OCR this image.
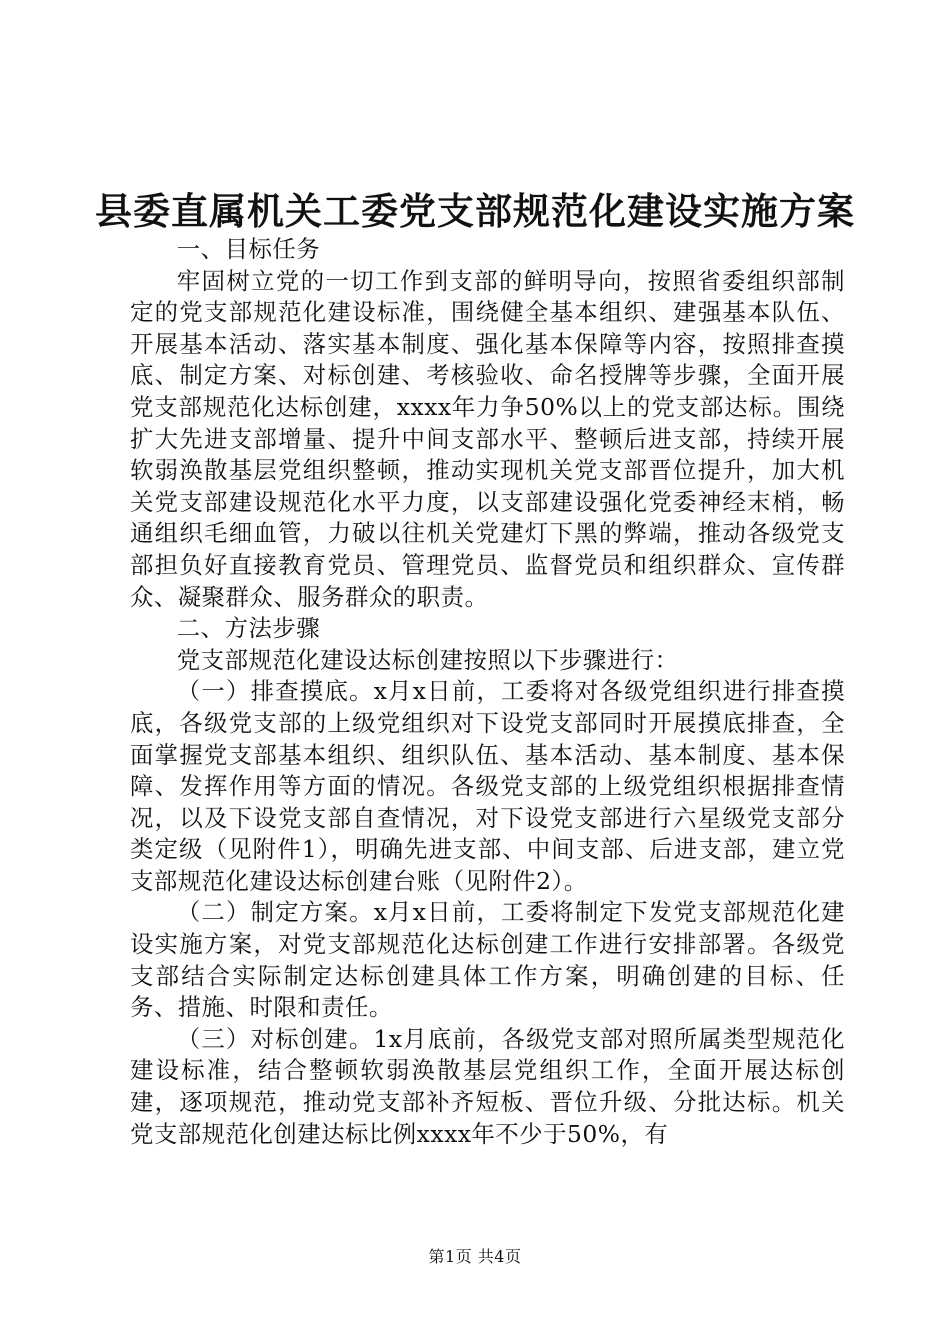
县委直属机关工委党支部规范化建设实施方案

一、目标任务

牢固树立党的一切工作到支部的鲜明导向，按照省委组织部制定的党支部规范化建设标准，围绕健全基本组织、建强基本队伍、开展基本活动、落实基本制度、强化基本保障等内容，按照排查摸底、制定方案、对标创建、考核验收、命名授牌等步骤，全面开展党支部规范化达标创建，xxxx年力争50%以上的党支部达标。围绕扩大先进支部增量、提升中间支部水平、整顿后进支部，持续开展软弱涣散基层党组织整顿，推动实现机关党支部晋位提升，加大机关党支部建设规范化水平力度，以支部建设强化党委神经末梢，畅通组织毛细血管，力破以往机关党建灯下黑的弊端，推动各级党支部担负好直接教育党员、管理党员、监督党员和组织群众、宣传群众、凝聚群众、服务群众的职责。

二、方法步骤

党支部规范化建设达标创建按照以下步骤进行：

（一）排查摸底。x月x日前，工委将对各级党组织进行排查摸底，各级党支部的上级党组织对下设党支部同时开展摸底排查，全面掌握党支部基本组织、组织队伍、基本活动、基本制度、基本保障、发挥作用等方面的情况。各级党支部的上级党组织根据排查情况，以及下设党支部自查情况，对下设党支部进行六星级党支部分类定级（见附件1），明确先进支部、中间支部、后进支部，建立党支部规范化建设达标创建台账（见附件2）。

（二）制定方案。x月x日前，工委将制定下发党支部规范化建设实施方案，对党支部规范化达标创建工作进行安排部署。各级党支部结合实际制定达标创建具体工作方案，明确创建的目标、任务、措施、时限和责任。

（三）对标创建。1x月底前，各级党支部对照所属类型规范化建设标准，结合整顿软弱涣散基层党组织工作，全面开展达标创建，逐项规范，推动党支部补齐短板、晋位升级、分批达标。机关党支部规范化创建达标比例xxxx年不少于50%，有

第1页 共4页
